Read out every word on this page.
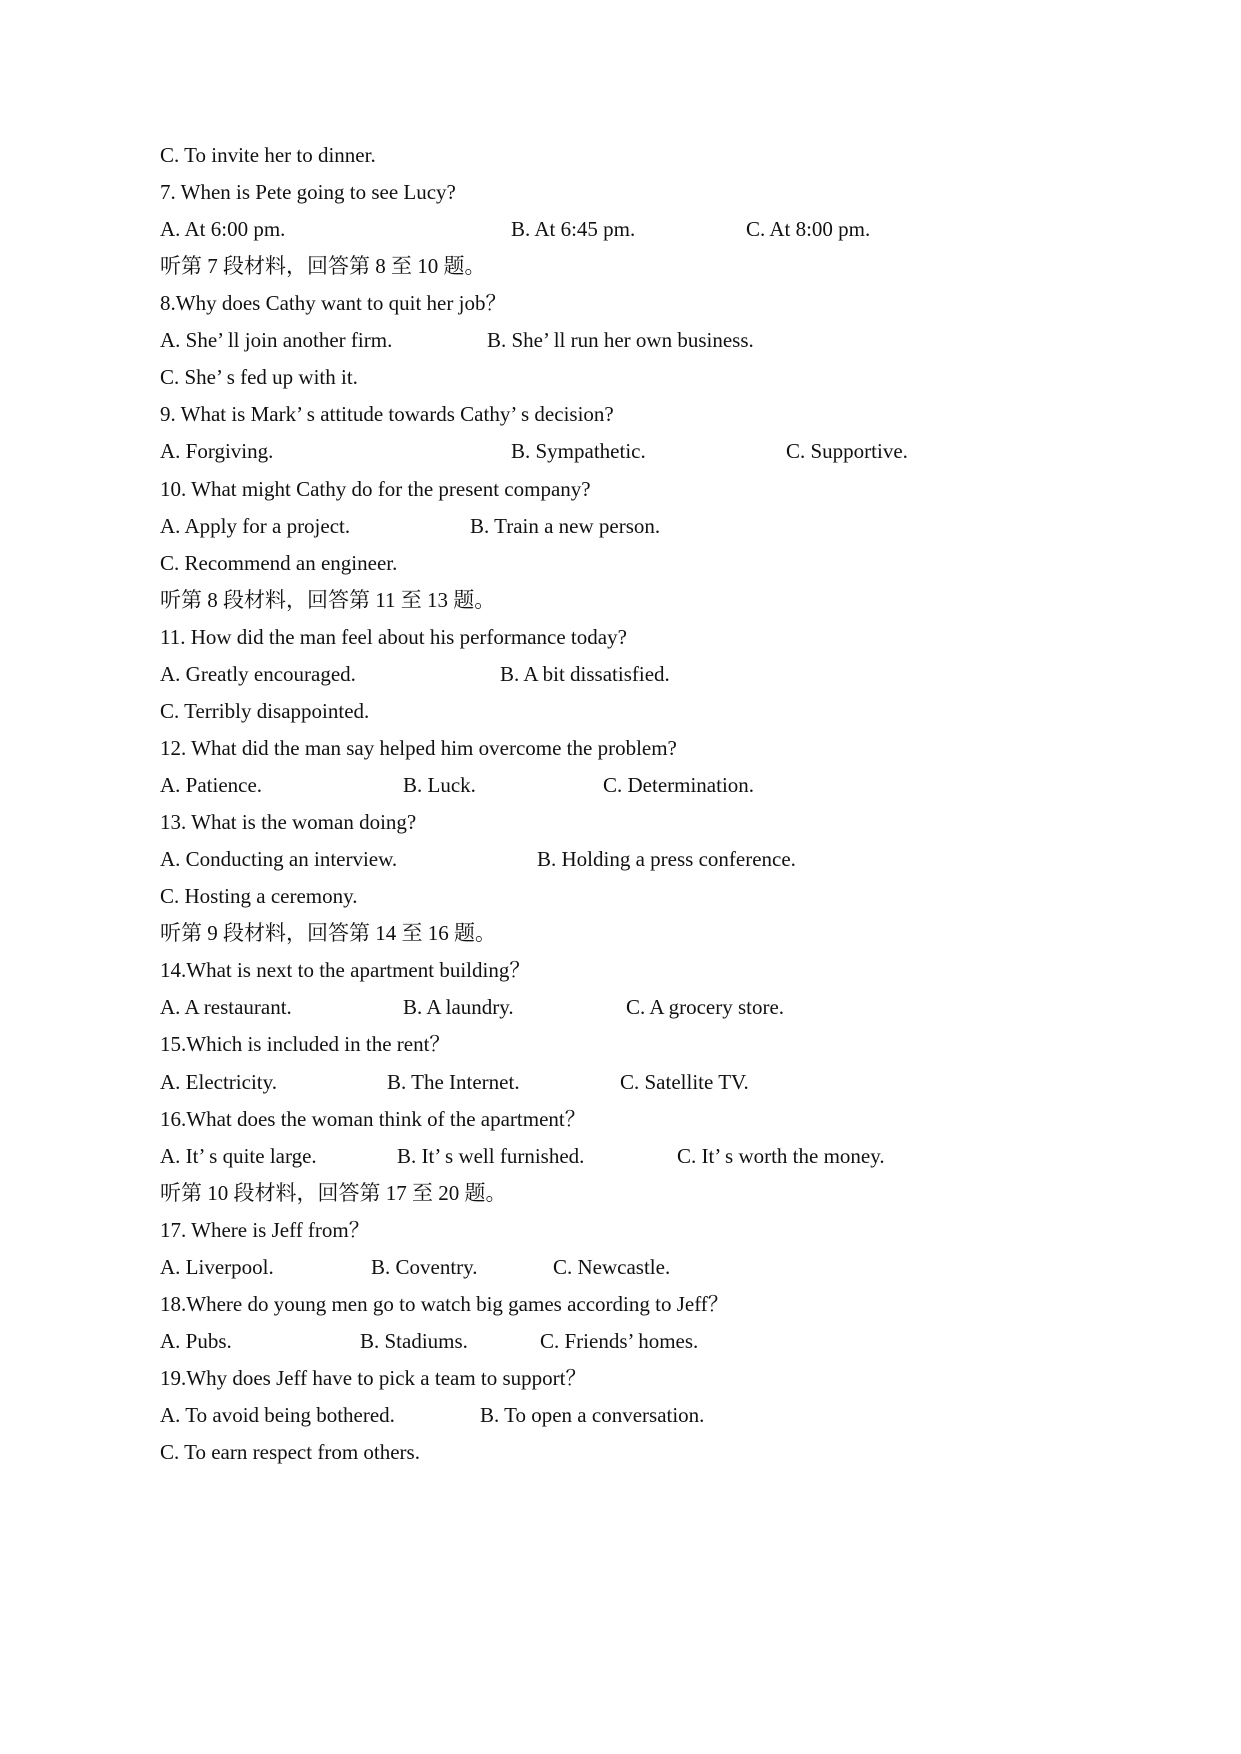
C. To invite her to dinner.
7. When is Pete going to see Lucy?
A. At 6:00 pm.	B. At 6:45 pm.	C. At 8:00 pm.
听第 7 段材料，回答第 8 至 10 题。
8.Why does Cathy want to quit her job？
A. She’ ll join another firm.	B. She’ ll run her own business.
C. She’ s fed up with it.
9. What is Mark’ s attitude towards Cathy’ s decision?
A. Forgiving.	B. Sympathetic.	C. Supportive.
10. What might Cathy do for the present company?
A. Apply for a project.	B. Train a new person.
C. Recommend an engineer.
听第 8 段材料，回答第 11 至 13 题。
11. How did the man feel about his performance today?
A. Greatly encouraged.	B. A bit dissatisfied.
C. Terribly disappointed.
12. What did the man say helped him overcome the problem?
A. Patience.	B. Luck.	C. Determination.
13. What is the woman doing?
A. Conducting an interview.	B. Holding a press conference.
C. Hosting a ceremony.
听第 9 段材料，回答第 14 至 16 题。
14.What is next to the apartment building？
A. A restaurant.	B. A laundry.	C. A grocery store.
15.Which is included in the rent？
A. Electricity.	B. The Internet.	C. Satellite TV.
16.What does the woman think of the apartment？
A. It’ s quite large.	B. It’ s well furnished.	C. It’ s worth the money.
听第 10 段材料，回答第 17 至 20 题。
17. Where is Jeff from？
A. Liverpool.	B. Coventry.	C. Newcastle.
18.Where do young men go to watch big games according to Jeff？
A. Pubs.	B. Stadiums.	C. Friends’ homes.
19.Why does Jeff have to pick a team to support？
A. To avoid being bothered.	B. To open a conversation.
C. To earn respect from others.
